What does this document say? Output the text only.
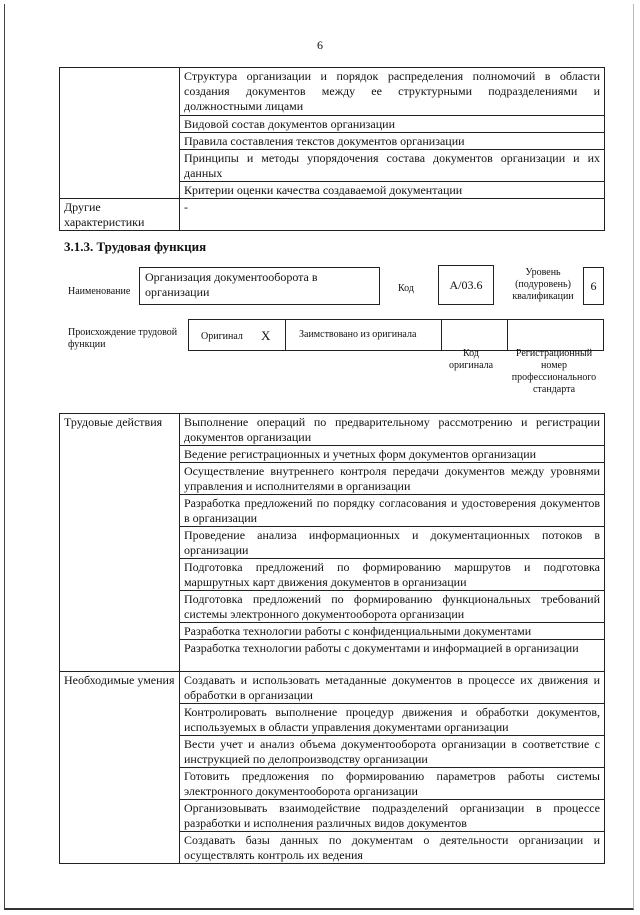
6
	Структура организации и порядок распределения полномочий в области создания документов между ее структурными подразделениями и должностными лицами
	Видовой состав документов организации
	Правила составления текстов документов организации
	Принципы и методы упорядочения состава документов организации и их данных
	Критерии оценки качества создаваемой документации
Другие характеристики	-
3.1.3. Трудовая функция
Наименование
Организация документооборота в организации	Код	A/03.6
Уровень (подуровень) квалификации
6
Происхождение трудовой функции
Оригинал X	Заимствовано из оригинала
Код оригинала
Регистрационный номер профессионального стандарта
Трудовые действия	Выполнение операций по предварительному рассмотрению и регистрации документов организации
	Ведение регистрационных и учетных форм документов организации
	Осуществление внутреннего контроля передачи документов между уровнями управления и исполнителями в организации
	Разработка предложений по порядку согласования и удостоверения документов в организации
	Проведение анализа информационных и документационных потоков в организации
	Подготовка предложений по формированию маршрутов и подготовка маршрутных карт движения документов в организации
	Подготовка предложений по формированию функциональных требований системы электронного документооборота организации
	Разработка технологии работы с конфиденциальными документами
	Разработка технологии работы с документами и информацией в организации
Необходимые умения	Создавать и использовать метаданные документов в процессе их движения и обработки в организации
	Контролировать выполнение процедур движения и обработки документов, используемых в области управления документами организации
	Вести учет и анализ объема документооборота организации в соответствие с инструкцией по делопроизводству организации
	Готовить предложения по формированию параметров работы системы электронного документооборота организации
	Организовывать взаимодействие подразделений организации в процессе разработки и исполнения различных видов документов
	Создавать базы данных по документам о деятельности организации и осуществлять контроль их ведения
